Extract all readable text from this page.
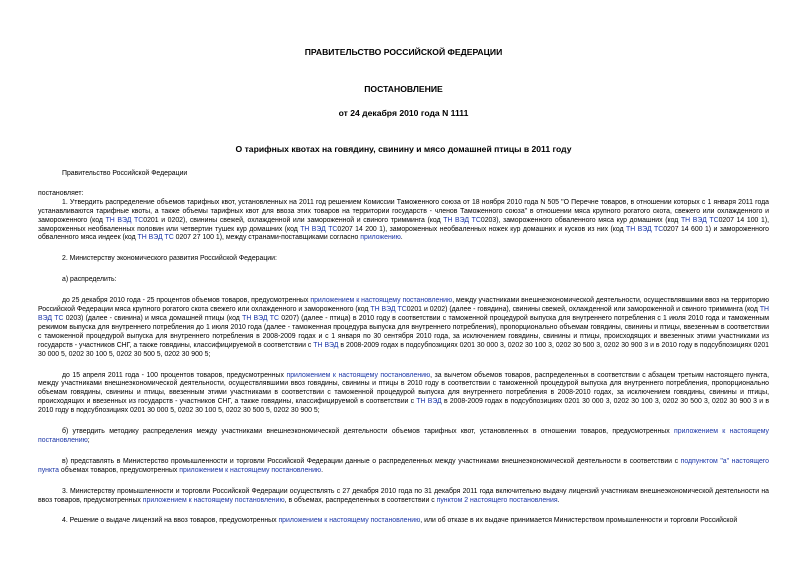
ПРАВИТЕЛЬСТВО РОССИЙСКОЙ ФЕДЕРАЦИИ

ПОСТАНОВЛЕНИЕ

от 24 декабря 2010 года N 1111

О тарифных квотах на говядину, свинину и мясо домашней птицы в 2011 году

Правительство Российской Федерации

постановляет:

1. Утвердить распределение объемов тарифных квот, установленных на 2011 год решением Комиссии Таможенного союза от 18 ноября 2010 года N 505 "О Перечне товаров, в отношении которых с 1 января 2011 года устанавливаются тарифные квоты, а также объемы тарифных квот для ввоза этих товаров на территории государств - членов Таможенного союза" в отношении мяса крупного рогатого скота, свежего или охлажденного и замороженного (код ТН ВЭД ТС0201 и 0202), свинины свежей, охлажденной или замороженной и свиного тримминга (код ТН ВЭД ТС0203), замороженного обваленного мяса кур домашних (код ТН ВЭД ТС0207 14 100 1), замороженных необваленных половин или четвертин тушек кур домашних (код ТН ВЭД ТС0207 14 200 1), замороженных необваленных ножек кур домашних и кусков из них (код ТН ВЭД ТС0207 14 600 1) и замороженного обваленного мяса индеек (код ТН ВЭД ТС 0207 27 100 1), между странами-поставщиками согласно приложению.

2. Министерству экономического развития Российской Федерации:

а) распределить:

до 25 декабря 2010 года - 25 процентов объемов товаров, предусмотренных приложением к настоящему постановлению, между участниками внешнеэкономической деятельности, осуществлявшими ввоз на территорию Российской Федерации мяса крупного рогатого скота свежего или охлажденного и замороженного (код ТН ВЭД ТС0201 и 0202) (далее - говядина), свинины свежей, охлажденной или замороженной и свиного тримминга (код ТН ВЭД ТС 0203) (далее - свинина) и мяса домашней птицы (код ТН ВЭД ТС 0207) (далее - птица) в 2010 году в соответствии с таможенной процедурой выпуска для внутреннего потребления с 1 июля 2010 года и таможенным режимом выпуска для внутреннего потребления до 1 июля 2010 года (далее - таможенная процедура выпуска для внутреннего потребления), пропорционально объемам говядины, свинины и птицы, ввезенным в соответствии с таможенной процедурой выпуска для внутреннего потребления в 2008-2009 годах и с 1 января по 30 сентября 2010 года, за исключением говядины, свинины и птицы, происходящих и ввезенных этими участниками из государств - участников СНГ, а также говядины, классифицируемой в соответствии с ТН ВЭД в 2008-2009 годах в подсубпозициях 0201 30 000 3, 0202 30 100 3, 0202 30 500 3, 0202 30 900 3 и в 2010 году в подсубпозициях 0201 30 000 5, 0202 30 100 5, 0202 30 500 5, 0202 30 900 5;

до 15 апреля 2011 года - 100 процентов товаров, предусмотренных приложением к настоящему постановлению, за вычетом объемов товаров, распределенных в соответствии с абзацем третьим настоящего пункта, между участниками внешнеэкономической деятельности, осуществлявшими ввоз говядины, свинины и птицы в 2010 году в соответствии с таможенной процедурой выпуска для внутреннего потребления, пропорционально объемам говядины, свинины и птицы, ввезенным этими участниками в соответствии с таможенной процедурой выпуска для внутреннего потребления в 2008-2010 годах, за исключением говядины, свинины и птицы, происходящих и ввезенных из государств - участников СНГ, а также говядины, классифицируемой в соответствии с ТН ВЭД в 2008-2009 годах в подсубпозициях 0201 30 000 3, 0202 30 100 3, 0202 30 500 3, 0202 30 900 3 и в 2010 году в подсубпозициях 0201 30 000 5, 0202 30 100 5, 0202 30 500 5, 0202 30 900 5;

б) утвердить методику распределения между участниками внешнеэкономической деятельности объемов тарифных квот, установленных в отношении товаров, предусмотренных приложением к настоящему постановлению;

в) представлять в Министерство промышленности и торговли Российской Федерации данные о распределенных между участниками внешнеэкономической деятельности в соответствии с подпунктом "а" настоящего пункта объемах товаров, предусмотренных приложением к настоящему постановлению.

3. Министерству промышленности и торговли Российской Федерации осуществлять с 27 декабря 2010 года по 31 декабря 2011 года включительно выдачу лицензий участникам внешнеэкономической деятельности на ввоз товаров, предусмотренных приложением к настоящему постановлению, в объемах, распределенных в соответствии с пунктом 2 настоящего постановления.

4. Решение о выдаче лицензий на ввоз товаров, предусмотренных приложением к настоящему постановлению, или об отказе в их выдаче принимается Министерством промышленности и торговли Российской
